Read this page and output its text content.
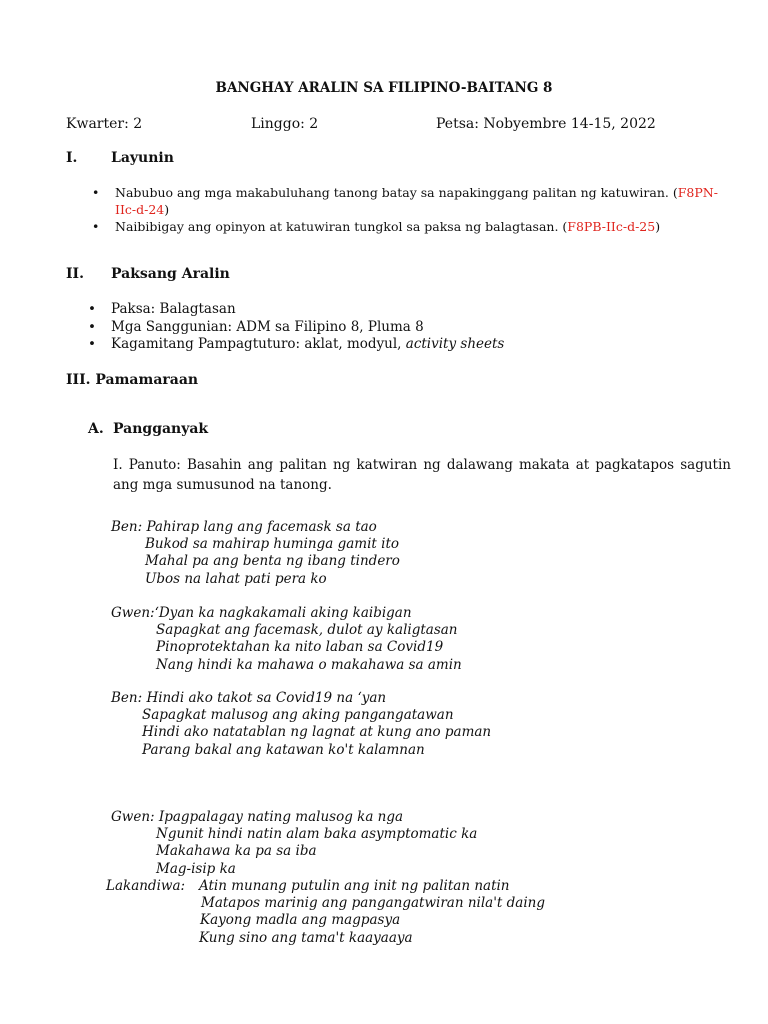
BANGHAY ARALIN SA FILIPINO-BAITANG 8
Kwarter: 2	Linggo: 2	Petsa: Nobyembre 14-15, 2022
I. Layunin
• Nabubuo ang mga makabuluhang tanong batay sa napakinggang palitan ng katuwiran. (F8PN-IIc-d-24)
• Naibibigay ang opinyon at katuwiran tungkol sa paksa ng balagtasan. (F8PB-IIc-d-25)
II. Paksang Aralin
• Paksa: Balagtasan
• Mga Sanggunian: ADM sa Filipino 8, Pluma 8
• Kagamitang Pampagtuturo: aklat, modyul, activity sheets
III. Pamamaraan
A. Pangganyak
I. Panuto: Basahin ang palitan ng katwiran ng dalawang makata at pagkatapos sagutin ang mga sumusunod na tanong.
Ben: Pahirap lang ang facemask sa tao
Bukod sa mahirap huminga gamit ito
Mahal pa ang benta ng ibang tindero
Ubos na lahat pati pera ko
Gwen:‘Dyan ka nagkakamali aking kaibigan
Sapagkat ang facemask, dulot ay kaligtasan
Pinoprotektahan ka nito laban sa Covid19
Nang hindi ka mahawa o makahawa sa amin
Ben: Hindi ako takot sa Covid19 na ‘yan
Sapagkat malusog ang aking pangangatawan
Hindi ako natatablan ng lagnat at kung ano paman
Parang bakal ang katawan ko't kalamnan
Gwen: Ipagpalagay nating malusog ka nga
Ngunit hindi natin alam baka asymptomatic ka
Makahawa ka pa sa iba
Mag-isip ka
Lakandiwa: Atin munang putulin ang init ng palitan natin
Matapos marinig ang pangangatwiran nila't daing
Kayong madla ang magpasya
Kung sino ang tama't kaayaaya
